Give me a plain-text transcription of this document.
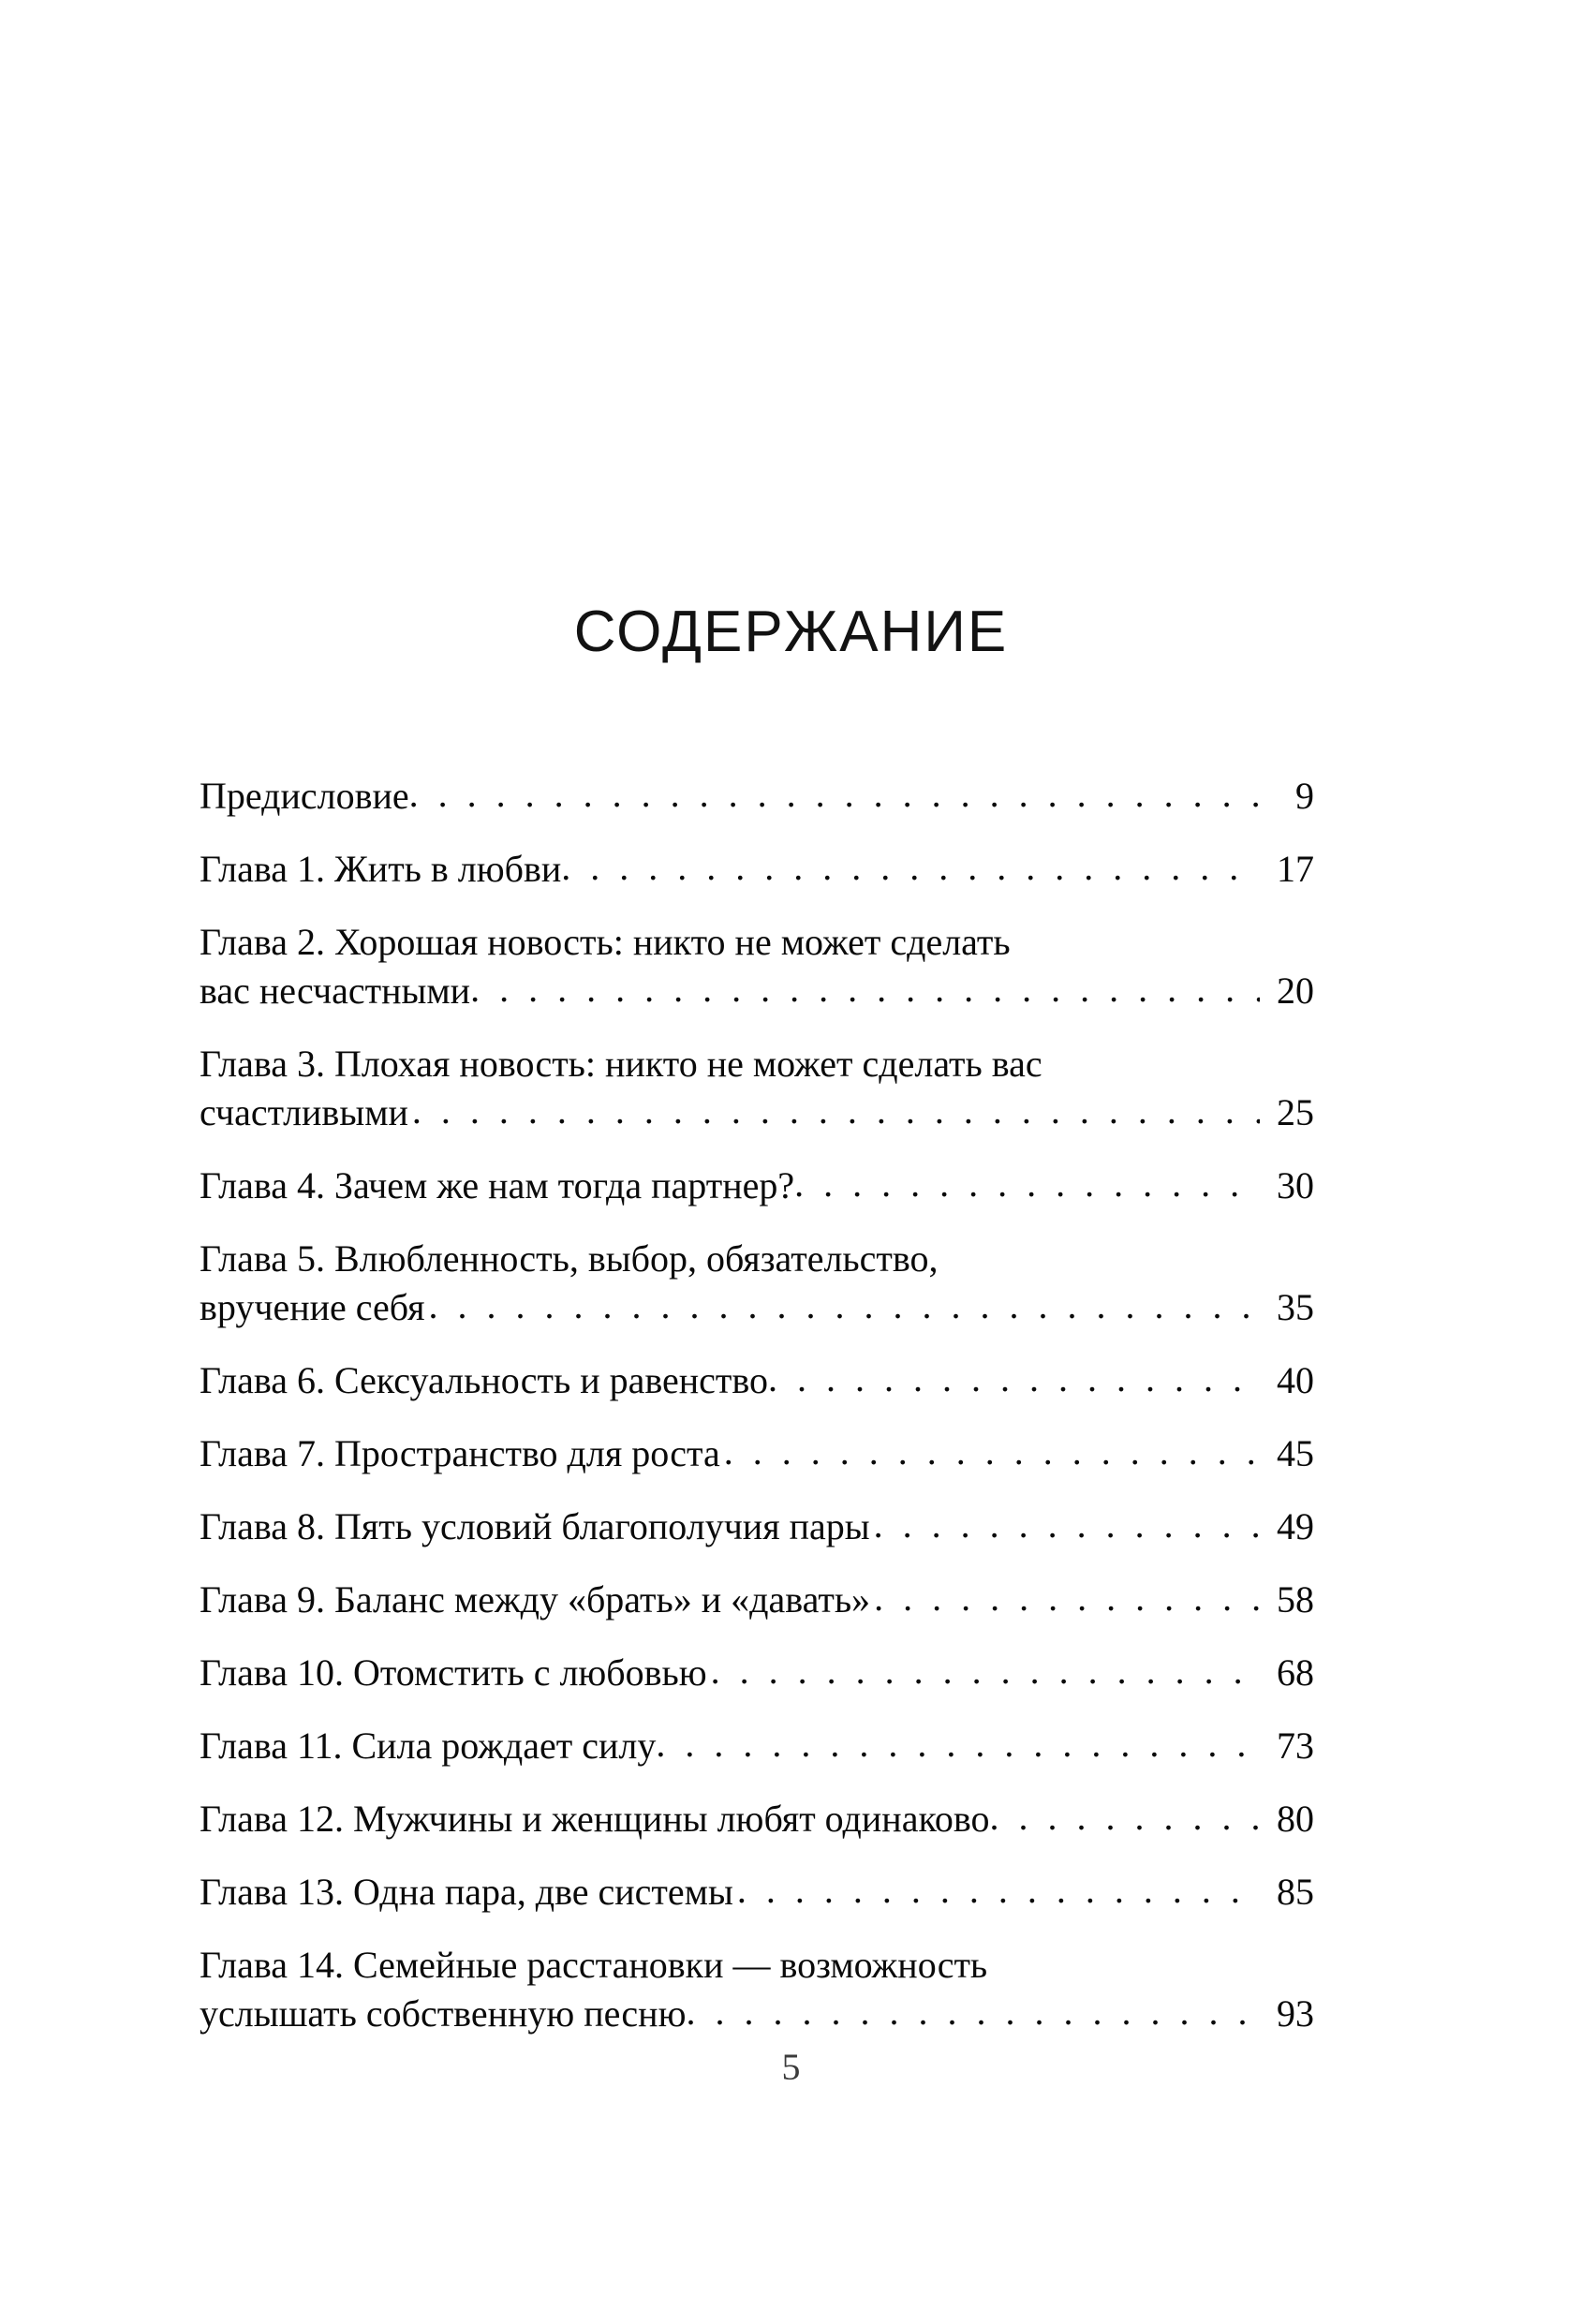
СОДЕРЖАНИЕ
Предисловие . . .	9
Глава 1. Жить в любви . . .	17
Глава 2. Хорошая новость: никто не может сделать
вас несчастными . . .	20
Глава 3. Плохая новость: никто не может сделать вас
счастливыми . . .	25
Глава 4. Зачем же нам тогда партнер? . . .	30
Глава 5. Влюбленность, выбор, обязательство,
вручение себя . . .	35
Глава 6. Сексуальность и равенство . . .	40
Глава 7. Пространство для роста . . .	45
Глава 8. Пять условий благополучия пары . . .	49
Глава 9. Баланс между «брать» и «давать» . . .	58
Глава 10. Отомстить с любовью . . .	68
Глава 11. Сила рождает силу . . .	73
Глава 12. Мужчины и женщины любят одинаково . . .	80
Глава 13. Одна пара, две системы . . .	85
Глава 14. Семейные расстановки — возможность
услышать собственную песню . . .	93
5
